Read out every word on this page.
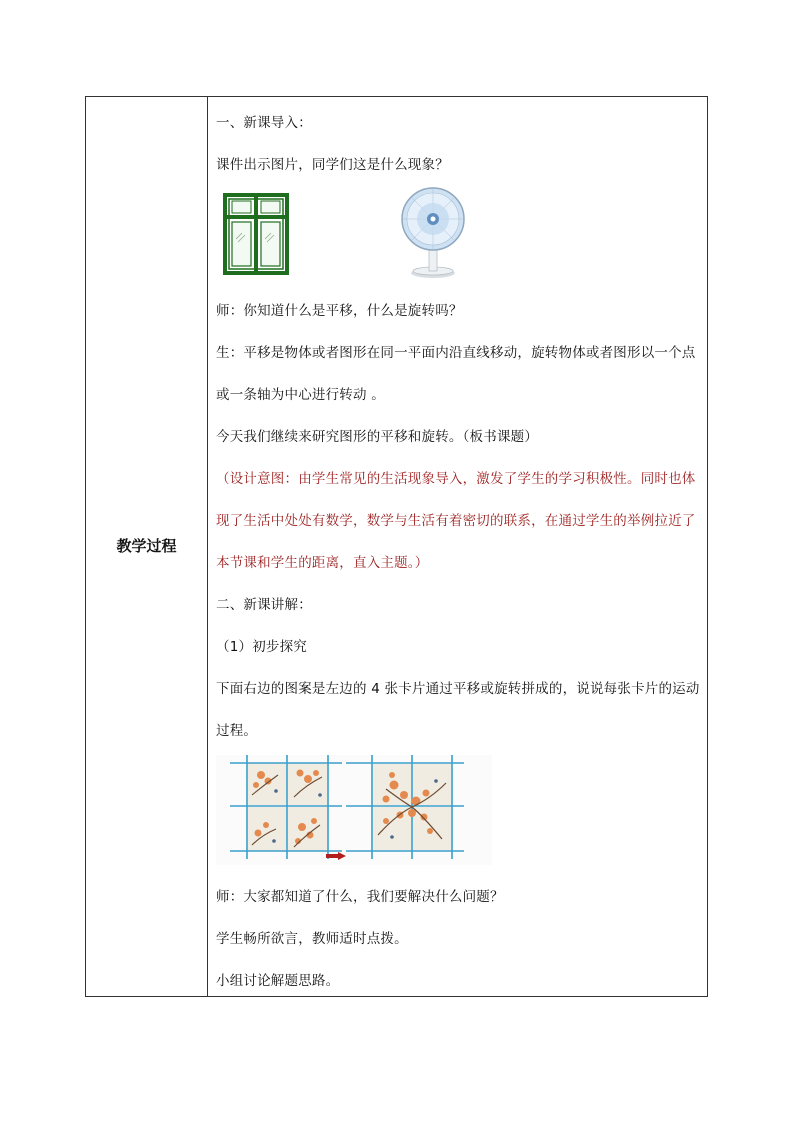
教学过程
一、新课导入：
课件出示图片，同学们这是什么现象？
师：你知道什么是平移，什么是旋转吗？
生：平移是物体或者图形在同一平面内沿直线移动，旋转物体或者图形以一个点
或一条轴为中心进行转动 。
今天我们继续来研究图形的平移和旋转。（板书课题）
（设计意图：由学生常见的生活现象导入，激发了学生的学习积极性。同时也体
现了生活中处处有数学，数学与生活有着密切的联系，在通过学生的举例拉近了
本节课和学生的距离，直入主题。）
二、新课讲解：
（1）初步探究
下面右边的图案是左边的 4 张卡片通过平移或旋转拼成的，说说每张卡片的运动
过程。
师：大家都知道了什么，我们要解决什么问题？
学生畅所欲言，教师适时点拨。
小组讨论解题思路。
